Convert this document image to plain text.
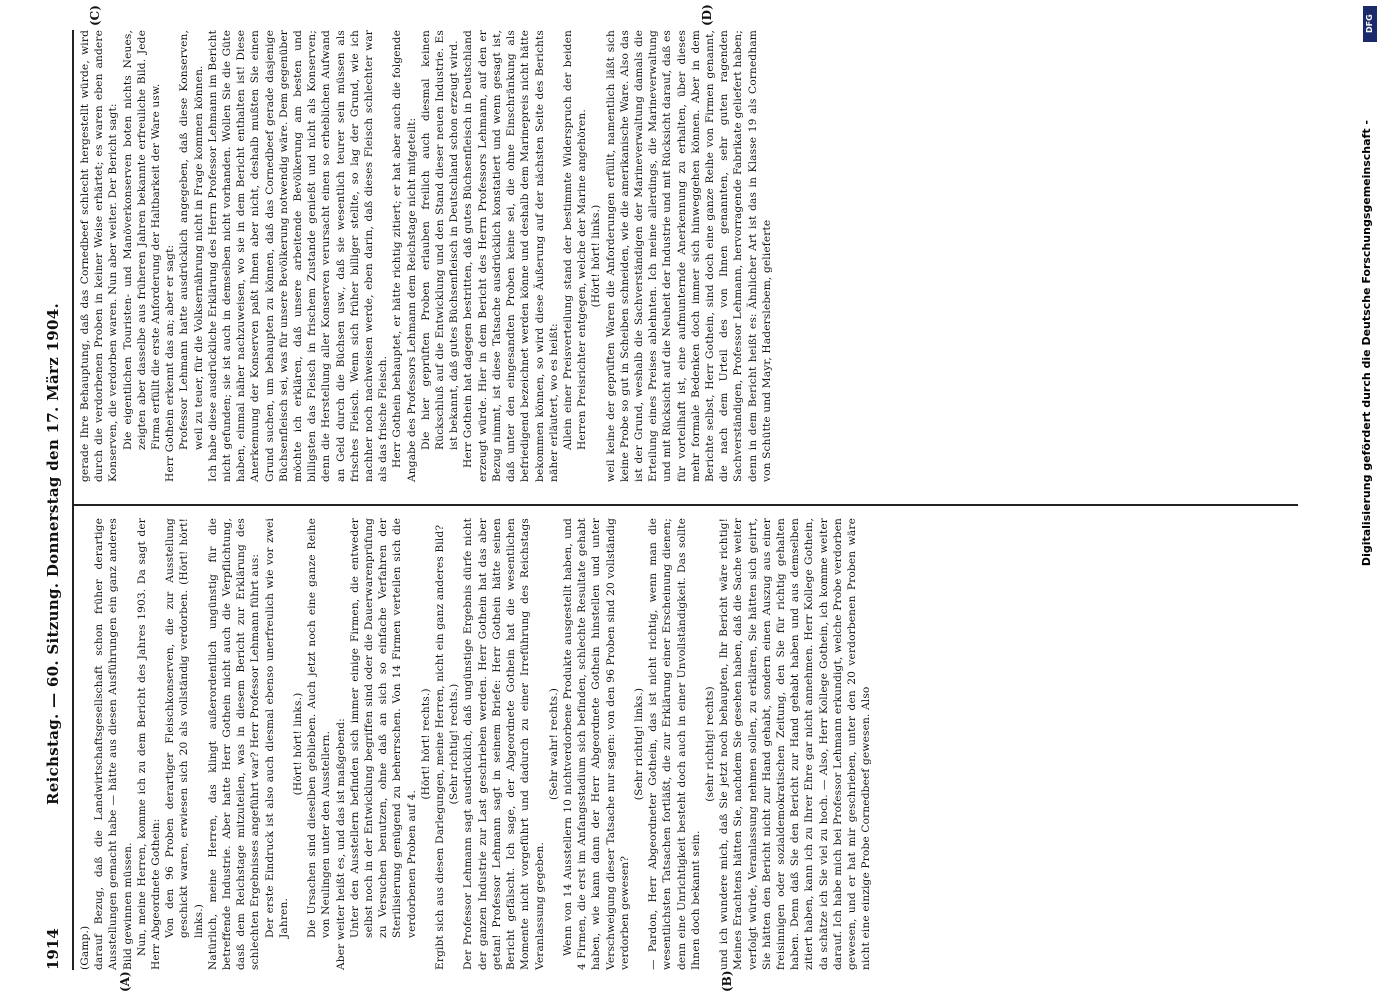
1914
Reichstag. — 60. Sitzung. Donnerstag den 17. März 1904.
(A)	(B)
(C)	(D)

(Gamp.) darauf Bezug, daß die Landwirtschaftsgesellschaft schon früher derartige Ausstellungen gemacht habe — hätte aus diesen Ausführungen ein ganz anderes Bild gewinnen müssen. Nun, meine Herren, komme ich zu dem Bericht des Jahres 1903. Da sagt der Herr Abgeordnete Gothein: Von den 96 Proben derartiger Fleischkonserven, die zur Ausstellung geschickt waren, erwiesen sich 20 als vollständig verdorben. (Hört! hört! links.) Natürlich, meine Herren, das klingt außerordentlich ungünstig für die betreffende Industrie. Aber hatte Herr Gothein nicht auch die Verpflichtung, dasß dem Reichstage mitzuteilen, was in diesem Bericht zur Erklärung des schlechten Ergebnisses angeführt war? Herr Professor Lehmann führt aus: Der erste Eindruck ist also auch diesmal ebenso unerfreulich wie vor zwei Jahren.

(Hört! hört! links.) Die Ursachen sind dieselben geblieben. Auch jetzt noch eine ganze Reihe von Neulingen unter den Ausstellern. Aber weiter heißt es, und das ist maßgebend: Unter den Ausstellern befinden sich immer einige Firmen, die entweder selbst noch in der Entwicklung begriffen sind oder die Dauerwarenprüfung zu Versuchen benutzen, ohne daß an sich so einfache Verfahren der Sterilisierung genügend zu beherrschen. Von 14 Firmen verteilen sich die verdorbenen Proben auf 4.

(Hört! hört! rechts.) Ergibt sich aus diesen Darlegungen, meine Herren, nicht ein ganz anderes Bild? (Sehr richtig! rechts.) Der Professor Lehmann sagt ausdrücklich, daß ungünstige Ergebnis dürfe nicht der ganzen Industrie zur Last geschrieben werden. Herr Gothein hat das aber getan! Professor Lehmann sagt in seinem Briefe: Herr Gothein hätte seinen Bericht gefälscht. Ich sage, der Abgeordnete Gothein hat die wesentlichen Momente nicht vorgeführt und dadurch zu einer Irreführung des Reichstags Veranlassung gegeben.

(Sehr wahr! rechts.) Wenn von 14 Ausstellern 10 nichtverdorbene Produkte ausgestellt haben, und 4 Firmen, die erst im Anfangsstadium sich befinden, schlechte Resultate gehabt haben, wie kann dann der Herr Abgeordnete Gothein hinstellen und unter Verschweigung dieser Tatsache nur sagen: von den 96 Proben sind 20 vollständig verdorben gewesen?

(Sehr richtig! links.) — Pardon, Herr Abgeordneter Gothein, das ist nicht richtig, wenn man die wesentlichsten Tatsachen fortläßt, die zur Erklärung einer Erscheinung dienen; denn eine Unrichtigkeit besteht doch auch in einer Unvollständigkeit. Das sollte Ihnen doch bekannt sein.

(sehr richtig! rechts) und ich wundere mich, daß Sie jetzt noch behaupten, Ihr Bericht wäre richtig! Meines Erachtens hätten Sie, nachdem Sie gesehen haben, daß die Sache weiter verfolgt würde, Veranlassung nehmen sollen, zu erklären, Sie hätten sich geirrt, Sie hätten den Bericht nicht zur Hand gehabt, sondern einen Auszug aus einer freisinnigen oder sozialdemokratischen Zeitung, den Sie für richtig gehalten haben. Denn daß Sie den Bericht zur Hand gehabt haben und aus demselben zitiert haben, kann ich zu Ihrer Ehre gar nicht annehmen. Herr Kollege Gothein, da schätze ich Sie viel zu hoch. — Also, Herr Kollege Gothein, ich komme weiter darauf. Ich habe mich bei Professor Lehmann erkundigt, welche Probe verdorben gewesen, und er hat mir geschrieben, unter den 20 verdorbenen Proben wäre nicht eine einzige Probe Cornedbeef gewesen. Also

gerade Ihre Behauptung, daß das Cornedbeef schlecht hergestellt würde, wird durch die verdorbenen Proben in keiner Weise erhärtet; es waren eben andere Konserven, die verdorben waren. Nun aber weiter. Der Bericht sagt: Die eigentlichen Touristen- und Manöverkonserven boten nichts Neues, zeigten aber dasselbe aus früheren Jahren bekannte erfreuliche Bild. Jede Firma erfüllt die erste Anforderung der Haltbarkeit der Ware usw. Herr Gothein erkennt das an; aber er sagt: Professor Lehmann hatte ausdrücklich angegeben, daß diese Konserven, weil zu teuer, für die Volksernährung nicht in Frage kommen können. Ich habe diese ausdrückliche Erklärung des Herrn Professor Lehmann im Bericht nicht gefunden; sie ist auch in demselben nicht vorhanden. Wollen Sie die Güte haben, einmal näher nachzuweisen, wo sie in dem Bericht enthalten ist! Diese Anerkennung der Konserven paßt Ihnen aber nicht, deshalb mußten Sie einen Grund suchen, um behaupten zu können, daß das Cornedbeef gerade dasjenige Büchsenfleisch sei, was für unsere Bevölkerung notwendig wäre. Dem gegenüber möchte ich erklären, daß unsere arbeitende Bevölkerung am besten und billigsten das Fleisch in frischem Zustande genießt und nicht als Konserven; denn die Herstellung aller Konserven verursacht einen so erheblichen Aufwand an Geld durch die Büchsen usw., daß sie wesentlich teurer sein müssen als frisches Fleisch. Wenn sich früher billiger stellte, so lag der Grund, wie ich nachher noch nachweisen werde, eben darin, daß dieses Fleisch schlechter war als das frische Fleisch. Herr Gothein behauptet, er hätte richtig zitiert; er hat aber auch die folgende Angabe des Professors Lehmann dem Reichstage nicht mitgeteilt: Die hier geprüften Proben erlauben freilich auch diesmal keinen Rückschluß auf die Entwicklung und den Stand dieser neuen Industrie. Es ist bekannt, daß gutes Büchsenfleisch in Deutschland schon erzeugt wird. Herr Gothein hat dagegen bestritten, daß gutes Büchsenfleisch in Deutschland erzeugt würde. Hier in dem Bericht des Herrn Professors Lehmann, auf den er Bezug nimmt, ist diese Tatsache ausdrücklich konstatiert und wenn gesagt ist, daß unter den eingesandten Proben keine sei, die ohne Einschränkung als befriedigend bezeichnet werden könne und deshalb dem Marinepreis nicht hätte bekommen können, so wird diese Äußerung auf der nächsten Seite des Berichts näher erläutert, wo es heißt: Allein einer Preisverteilung stand der bestimmte Widerspruch der beiden Herren Preisrichter entgegen, welche der Marine angehören. (Hört! hört! links.) weil keine der geprüften Waren die Anforderungen erfüllt, namentlich läßt sich keine Probe so gut in Scheiben schneiden, wie die amerikanische Ware. Also das ist der Grund, weshalb die Sachverständigen der Marineverwaltung damals die Erteilung eines Preises ablehnten. Ich meine allerdings, die Marineverwaltung und mit Rücksicht auf die Neuheit der Industrie und mit Rücksicht darauf, daß es für vorteilhaft ist, eine aufmunternde Anerkennung zu erhalten, über dieses mehr formale Bedenken doch immer sich hinweggehen können. Aber in dem Berichte selbst, Herr Gothein, sind doch eine ganze Reihe von Firmen genannt, die nach dem Urteil des von Ihnen genannten, sehr guten ragenden Sachverständigen, Professor Lehmann, hervorragende Fabrikate geliefert haben; denn in dem Bericht heißt es: Ähnlicher Art ist das in Klasse 19 als Cornedham von Schütte und Mayr, Haderslebem, gelieferte	Digitalisierung gefördert durch die Deutsche Forschungsgemeinschaft -
DFG
